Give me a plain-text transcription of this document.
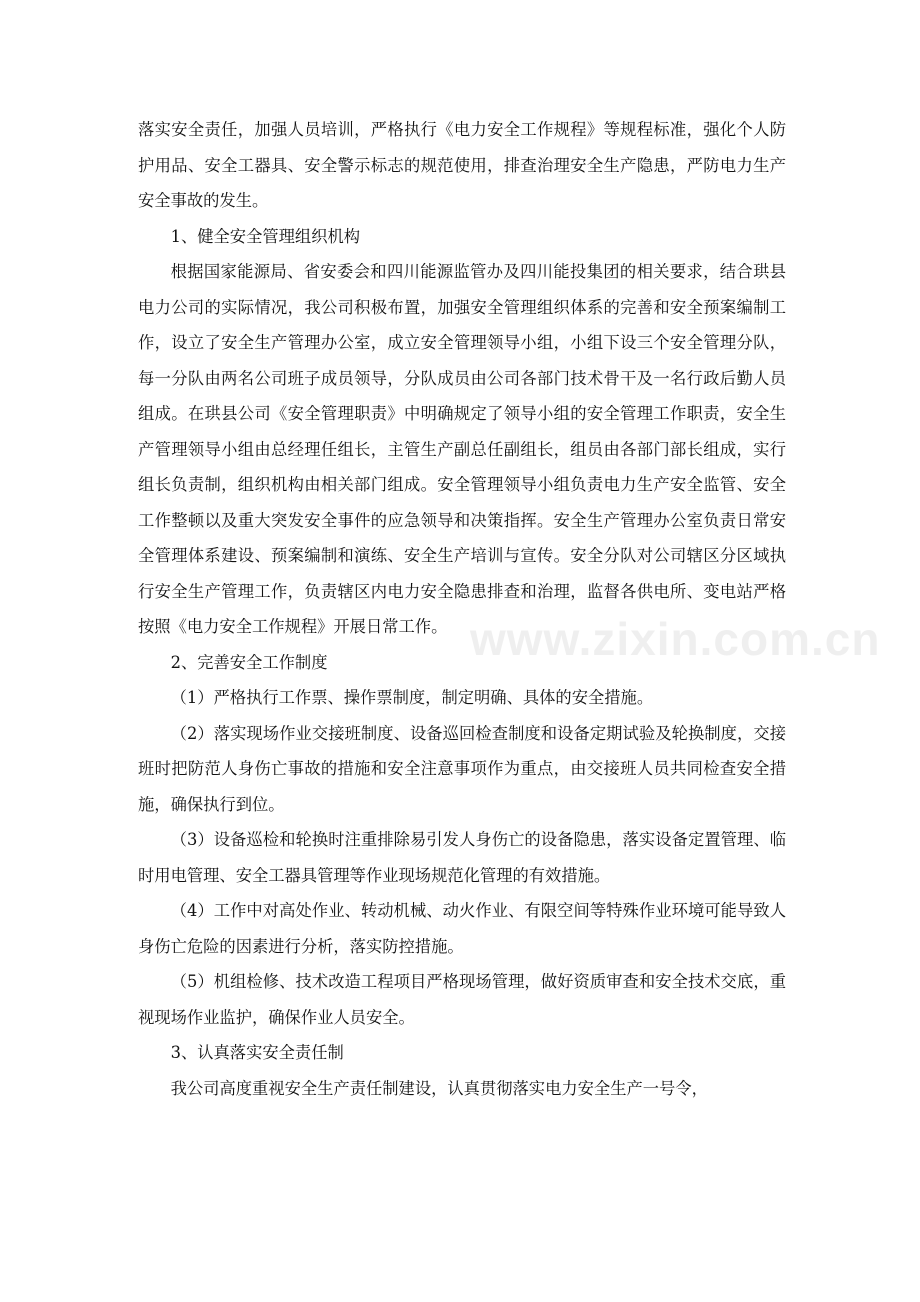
落实安全责任，加强人员培训，严格执行《电力安全工作规程》等规程标准，强化个人防护用品、安全工器具、安全警示标志的规范使用，排查治理安全生产隐患，严防电力生产安全事故的发生。

1、健全安全管理组织机构

根据国家能源局、省安委会和四川能源监管办及四川能投集团的相关要求，结合珙县电力公司的实际情况，我公司积极布置，加强安全管理组织体系的完善和安全预案编制工作，设立了安全生产管理办公室，成立安全管理领导小组，小组下设三个安全管理分队，每一分队由两名公司班子成员领导，分队成员由公司各部门技术骨干及一名行政后勤人员组成。在珙县公司《安全管理职责》中明确规定了领导小组的安全管理工作职责，安全生产管理领导小组由总经理任组长，主管生产副总任副组长，组员由各部门部长组成，实行组长负责制，组织机构由相关部门组成。安全管理领导小组负责电力生产安全监管、安全工作整顿以及重大突发安全事件的应急领导和决策指挥。安全生产管理办公室负责日常安全管理体系建设、预案编制和演练、安全生产培训与宣传。安全分队对公司辖区分区域执行安全生产管理工作，负责辖区内电力安全隐患排查和治理，监督各供电所、变电站严格按照《电力安全工作规程》开展日常工作。

2、完善安全工作制度

（1）严格执行工作票、操作票制度，制定明确、具体的安全措施。

（2）落实现场作业交接班制度、设备巡回检查制度和设备定期试验及轮换制度，交接班时把防范人身伤亡事故的措施和安全注意事项作为重点，由交接班人员共同检查安全措施，确保执行到位。

（3）设备巡检和轮换时注重排除易引发人身伤亡的设备隐患，落实设备定置管理、临时用电管理、安全工器具管理等作业现场规范化管理的有效措施。

（4）工作中对高处作业、转动机械、动火作业、有限空间等特殊作业环境可能导致人身伤亡危险的因素进行分析，落实防控措施。

（5）机组检修、技术改造工程项目严格现场管理，做好资质审查和安全技术交底，重视现场作业监护，确保作业人员安全。

3、认真落实安全责任制

我公司高度重视安全生产责任制建设，认真贯彻落实电力安全生产一号令，

www.zixin.com.cn
